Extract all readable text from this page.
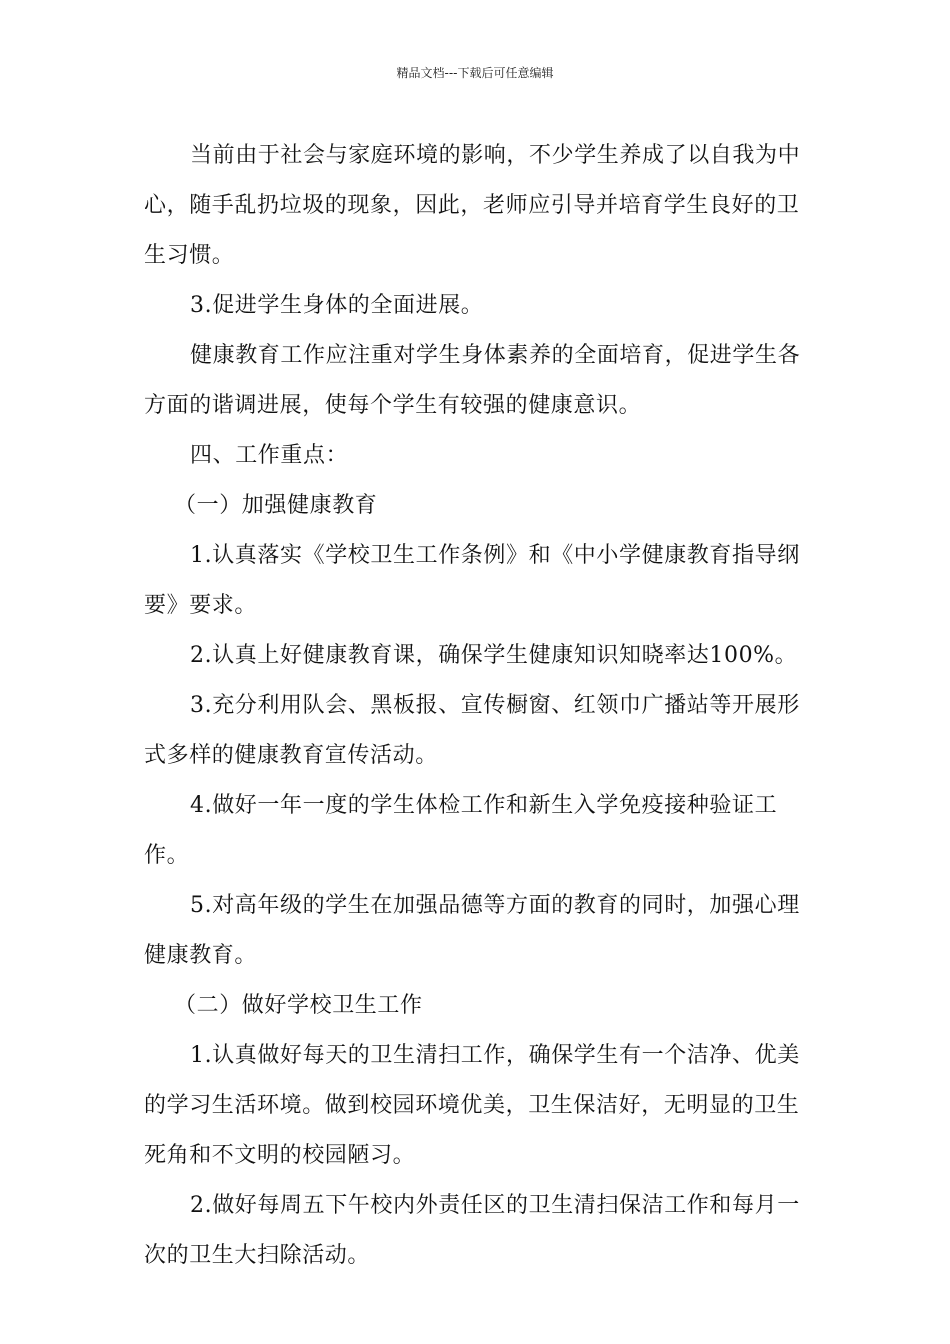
精品文档---下载后可任意编辑

当前由于社会与家庭环境的影响，不少学生养成了以自我为中心，随手乱扔垃圾的现象，因此，老师应引导并培育学生良好的卫生习惯。

3.促进学生身体的全面进展。

健康教育工作应注重对学生身体素养的全面培育，促进学生各方面的谐调进展，使每个学生有较强的健康意识。

四、工作重点：

（一）加强健康教育

1.认真落实《学校卫生工作条例》和《中小学健康教育指导纲要》要求。

2.认真上好健康教育课，确保学生健康知识知晓率达100%。

3.充分利用队会、黑板报、宣传橱窗、红领巾广播站等开展形式多样的健康教育宣传活动。

4.做好一年一度的学生体检工作和新生入学免疫接种验证工作。

5.对高年级的学生在加强品德等方面的教育的同时，加强心理健康教育。

（二）做好学校卫生工作

1.认真做好每天的卫生清扫工作，确保学生有一个洁净、优美的学习生活环境。做到校园环境优美，卫生保洁好，无明显的卫生死角和不文明的校园陋习。

2.做好每周五下午校内外责任区的卫生清扫保洁工作和每月一次的卫生大扫除活动。
